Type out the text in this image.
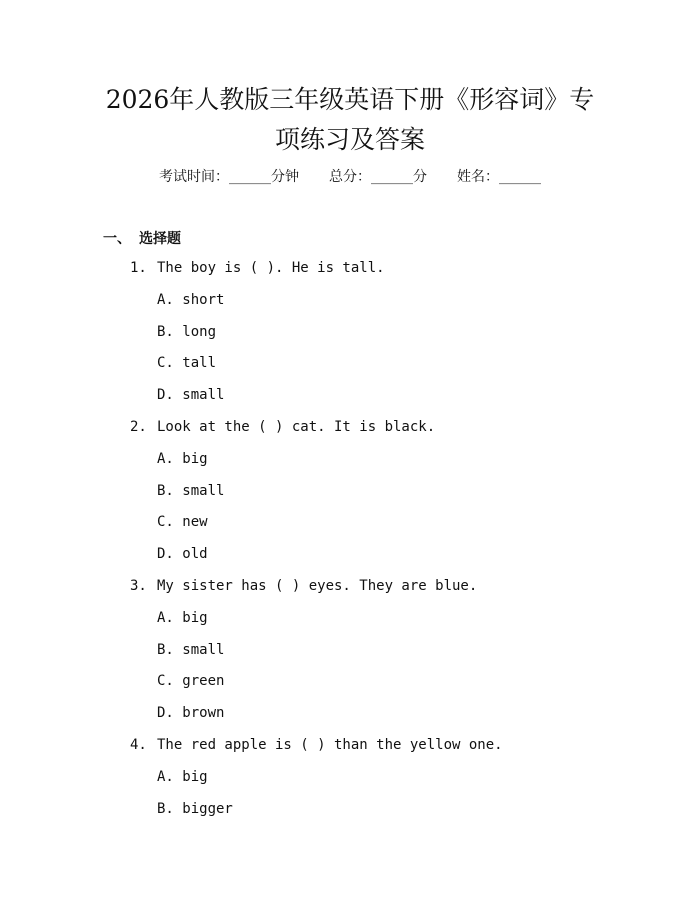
2026年人教版三年级英语下册《形容词》专
项练习及答案
考试时间：______分钟 总分：______分 姓名：______
一、 选择题
1. The boy is ( ). He is tall.
A. short
B. long
C. tall
D. small
2. Look at the ( ) cat. It is black.
A. big
B. small
C. new
D. old
3. My sister has ( ) eyes. They are blue.
A. big
B. small
C. green
D. brown
4. The red apple is ( ) than the yellow one.
A. big
B. bigger
